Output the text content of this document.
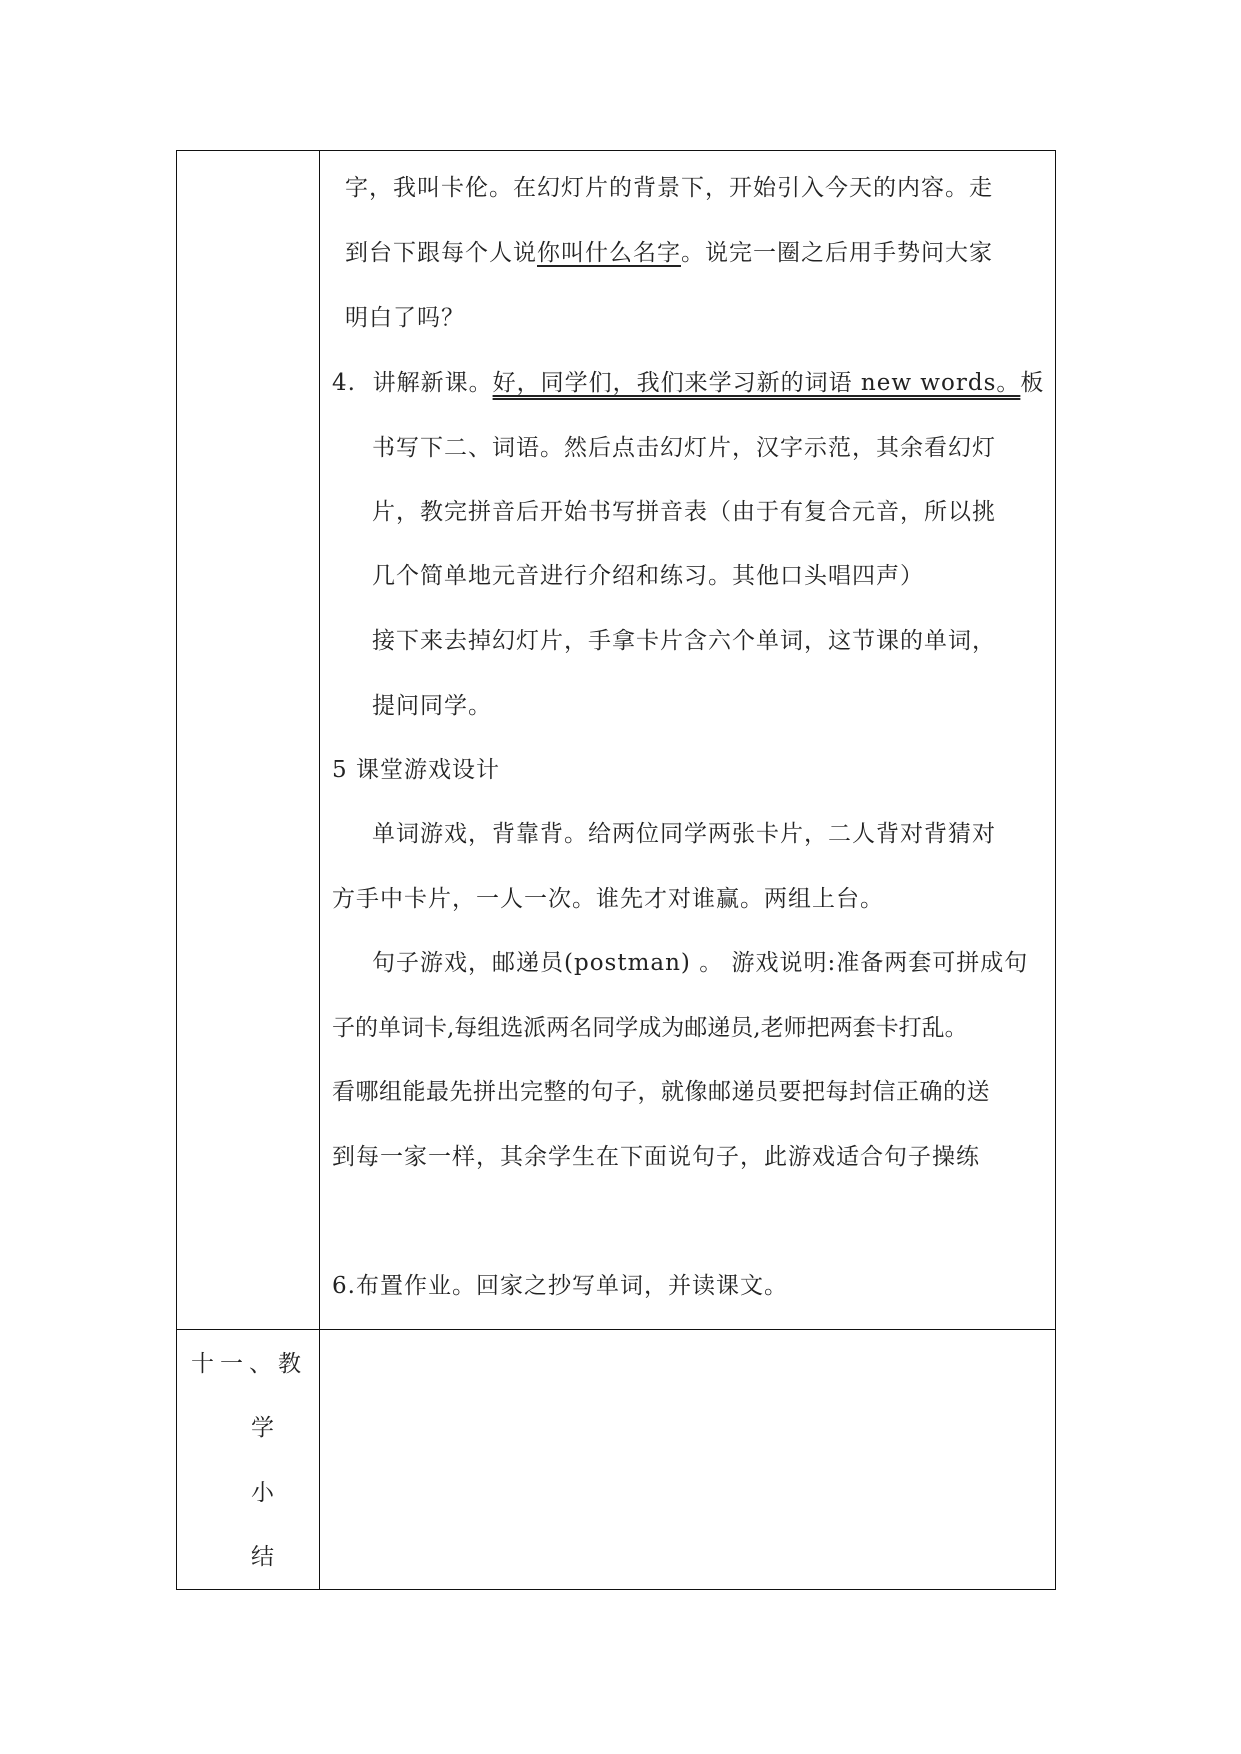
字，我叫卡伦。在幻灯片的背景下，开始引入今天的内容。走
到台下跟每个人说你叫什么名字。说完一圈之后用手势问大家
明白了吗？
4. 讲解新课。好，同学们，我们来学习新的词语 new words。板
书写下二、词语。然后点击幻灯片，汉字示范，其余看幻灯
片，教完拼音后开始书写拼音表（由于有复合元音，所以挑
几个简单地元音进行介绍和练习。其他口头唱四声）
接下来去掉幻灯片，手拿卡片含六个单词，这节课的单词，
提问同学。
5 课堂游戏设计
单词游戏，背靠背。给两位同学两张卡片，二人背对背猜对
方手中卡片，一人一次。谁先才对谁赢。两组上台。
句子游戏，邮递员(postman) 。 游戏说明:准备两套可拼成句
子的单词卡,每组选派两名同学成为邮递员,老师把两套卡打乱。
看哪组能最先拼出完整的句子，就像邮递员要把每封信正确的送
到每一家一样，其余学生在下面说句子，此游戏适合句子操练
6.布置作业。回家之抄写单词，并读课文。
十一、教
学
小
结
